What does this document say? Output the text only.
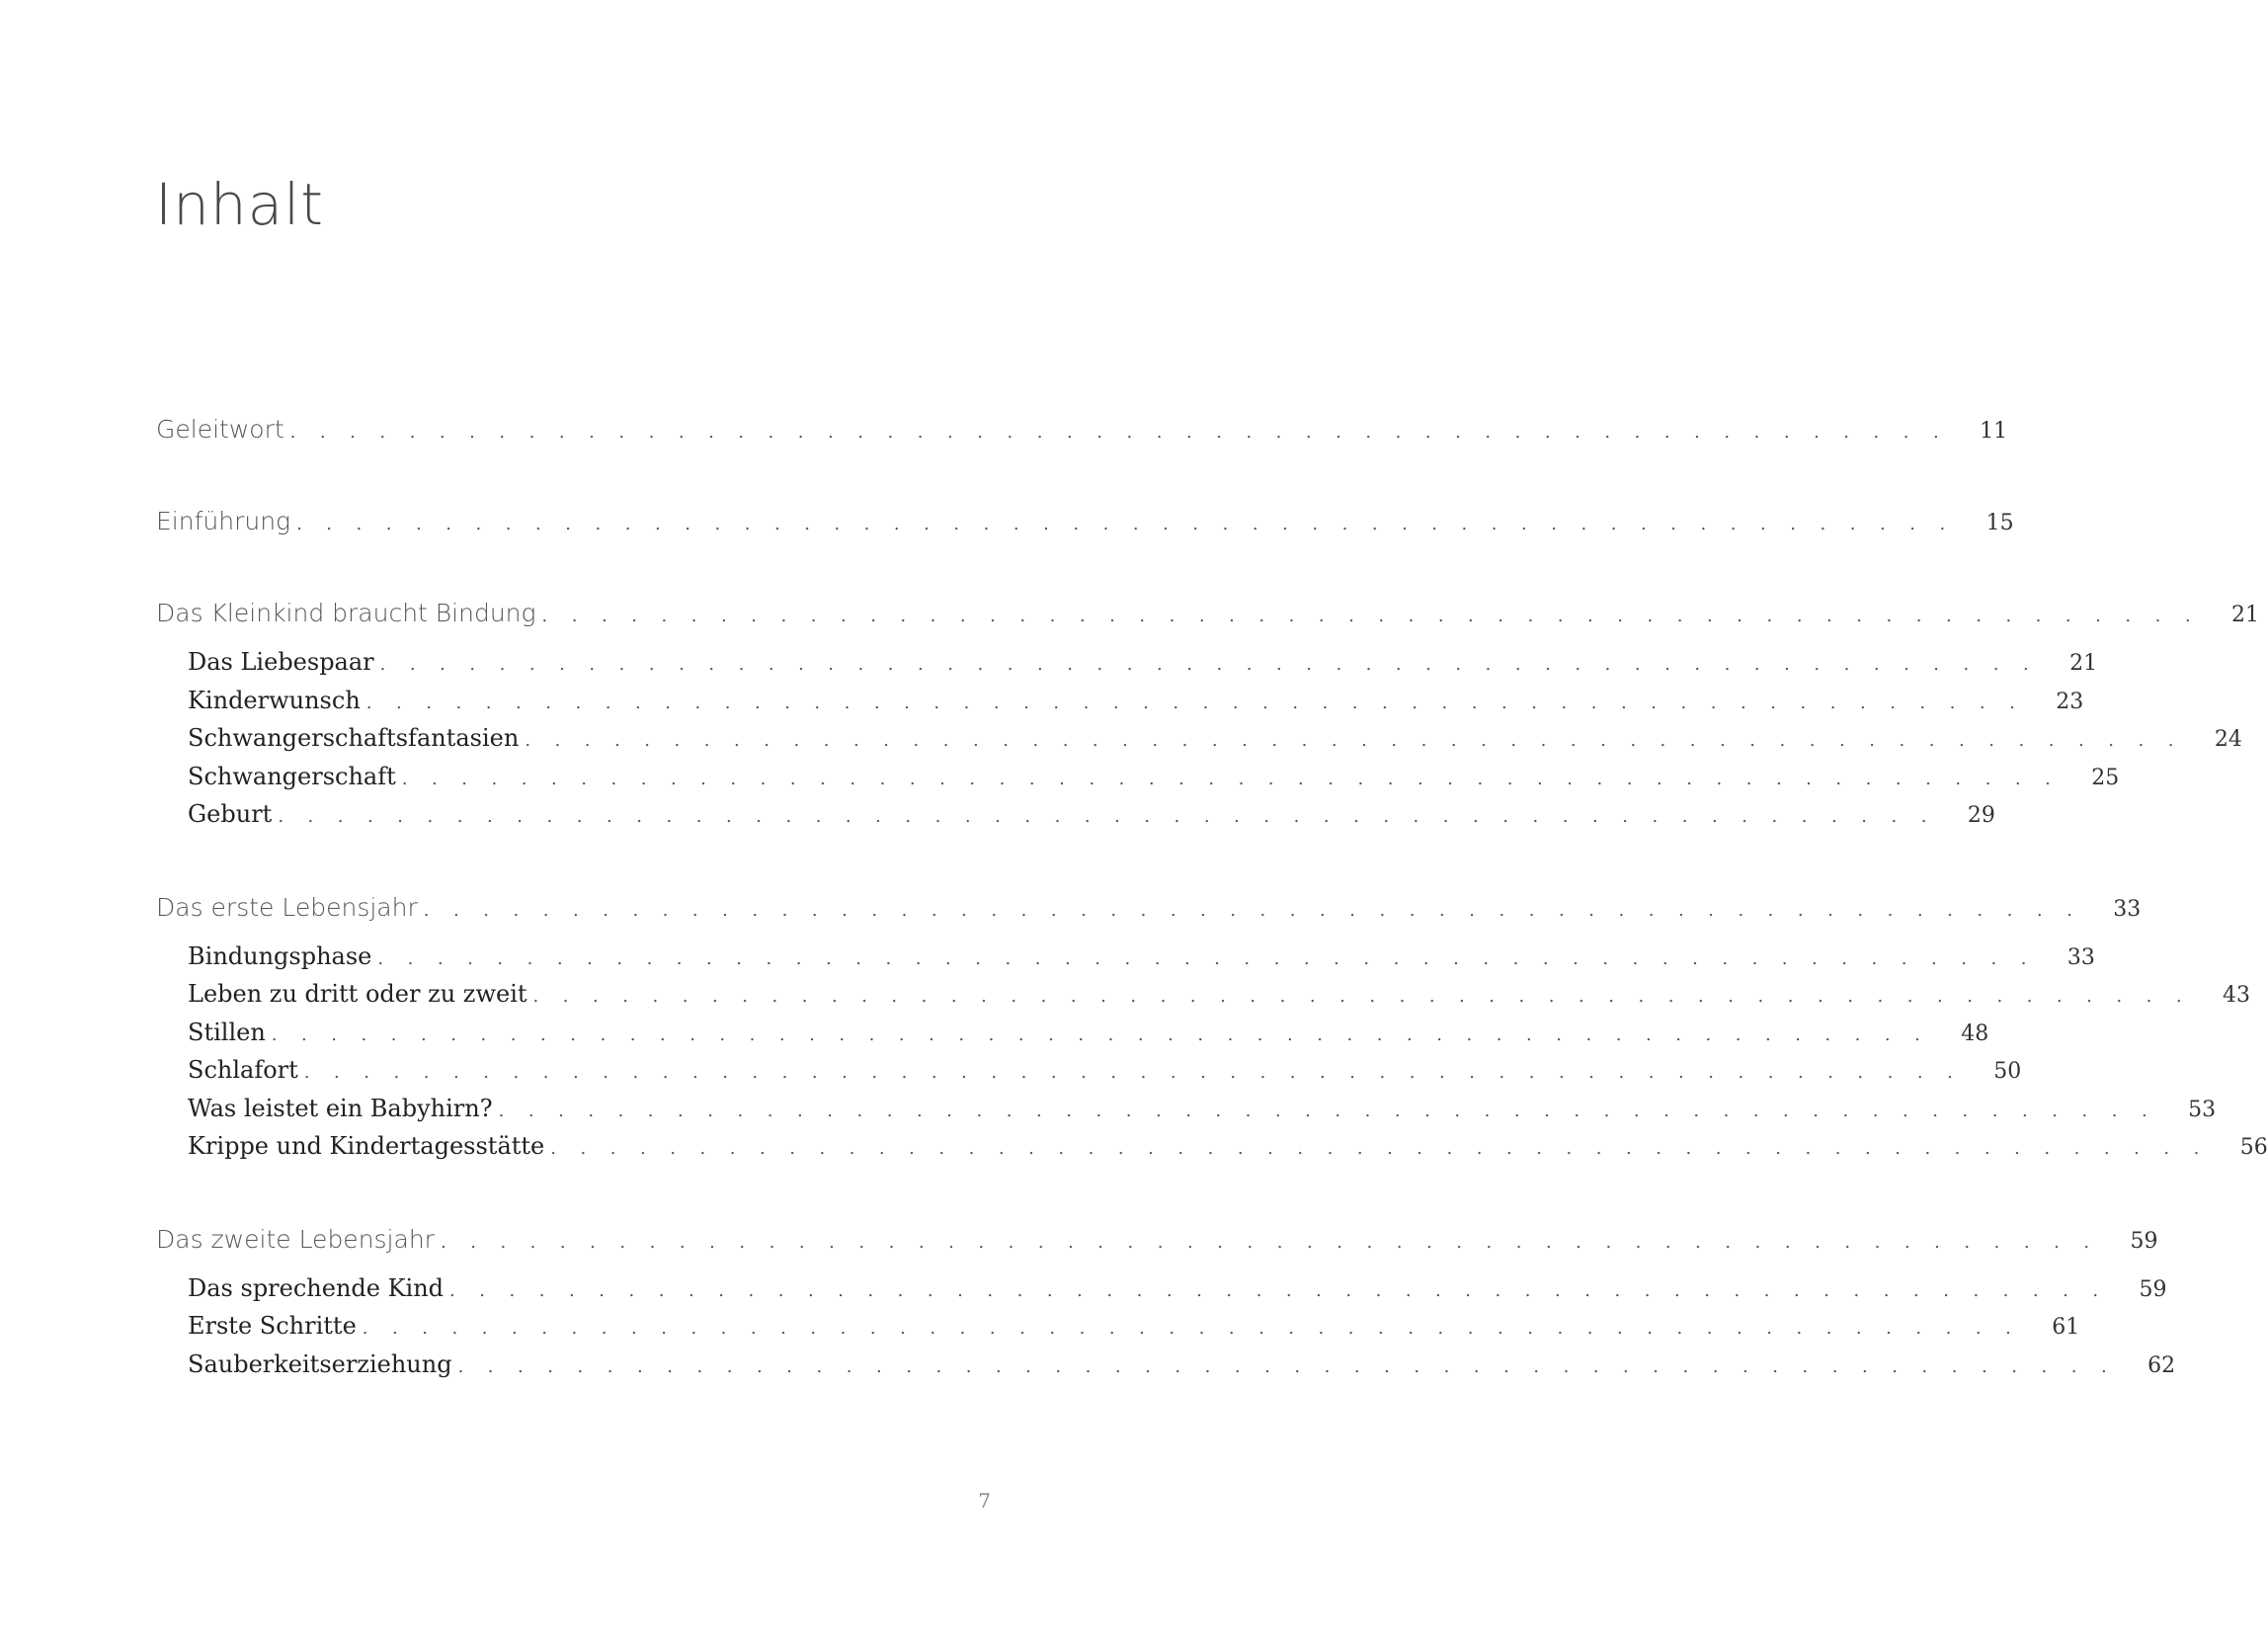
Inhalt
Geleitwort . . . . . . . . . . . . . . . . . . . . . . . . . . . . . . . . . . . . . . . . . . . . . . . . . . . . . . . .	11
Einführung . . . . . . . . . . . . . . . . . . . . . . . . . . . . . . . . . . . . . . . . . . . . . . . . . . . . . . . .	15
Das Kleinkind braucht Bindung . . . . . . . . . . . . . . . . . . . . . . . . . . . . . . . . . . . . . . . . . . . . . . . . . . . . . . . .	21
Das Liebespaar . . . . . . . . . . . . . . . . . . . . . . . . . . . . . . . . . . . . . . . . . . . . . . . . . . . . . . . .	21
Kinderwunsch . . . . . . . . . . . . . . . . . . . . . . . . . . . . . . . . . . . . . . . . . . . . . . . . . . . . . . . .	23
Schwangerschaftsfantasien . . . . . . . . . . . . . . . . . . . . . . . . . . . . . . . . . . . . . . . . . . . . . . . . . . . . . . . .	24
Schwangerschaft . . . . . . . . . . . . . . . . . . . . . . . . . . . . . . . . . . . . . . . . . . . . . . . . . . . . . . . .	25
Geburt . . . . . . . . . . . . . . . . . . . . . . . . . . . . . . . . . . . . . . . . . . . . . . . . . . . . . . . .	29
Das erste Lebensjahr . . . . . . . . . . . . . . . . . . . . . . . . . . . . . . . . . . . . . . . . . . . . . . . . . . . . . . . .	33
Bindungsphase . . . . . . . . . . . . . . . . . . . . . . . . . . . . . . . . . . . . . . . . . . . . . . . . . . . . . . . .	33
Leben zu dritt oder zu zweit . . . . . . . . . . . . . . . . . . . . . . . . . . . . . . . . . . . . . . . . . . . . . . . . . . . . . . . .	43
Stillen . . . . . . . . . . . . . . . . . . . . . . . . . . . . . . . . . . . . . . . . . . . . . . . . . . . . . . . .	48
Schlafort . . . . . . . . . . . . . . . . . . . . . . . . . . . . . . . . . . . . . . . . . . . . . . . . . . . . . . . .	50
Was leistet ein Babyhirn? . . . . . . . . . . . . . . . . . . . . . . . . . . . . . . . . . . . . . . . . . . . . . . . . . . . . . . . .	53
Krippe und Kindertagesstätte . . . . . . . . . . . . . . . . . . . . . . . . . . . . . . . . . . . . . . . . . . . . . . . . . . . . . . . .	56
Das zweite Lebensjahr . . . . . . . . . . . . . . . . . . . . . . . . . . . . . . . . . . . . . . . . . . . . . . . . . . . . . . . .	59
Das sprechende Kind . . . . . . . . . . . . . . . . . . . . . . . . . . . . . . . . . . . . . . . . . . . . . . . . . . . . . . . .	59
Erste Schritte . . . . . . . . . . . . . . . . . . . . . . . . . . . . . . . . . . . . . . . . . . . . . . . . . . . . . . . .	61
Sauberkeitserziehung . . . . . . . . . . . . . . . . . . . . . . . . . . . . . . . . . . . . . . . . . . . . . . . . . . . . . . . .	62
7
